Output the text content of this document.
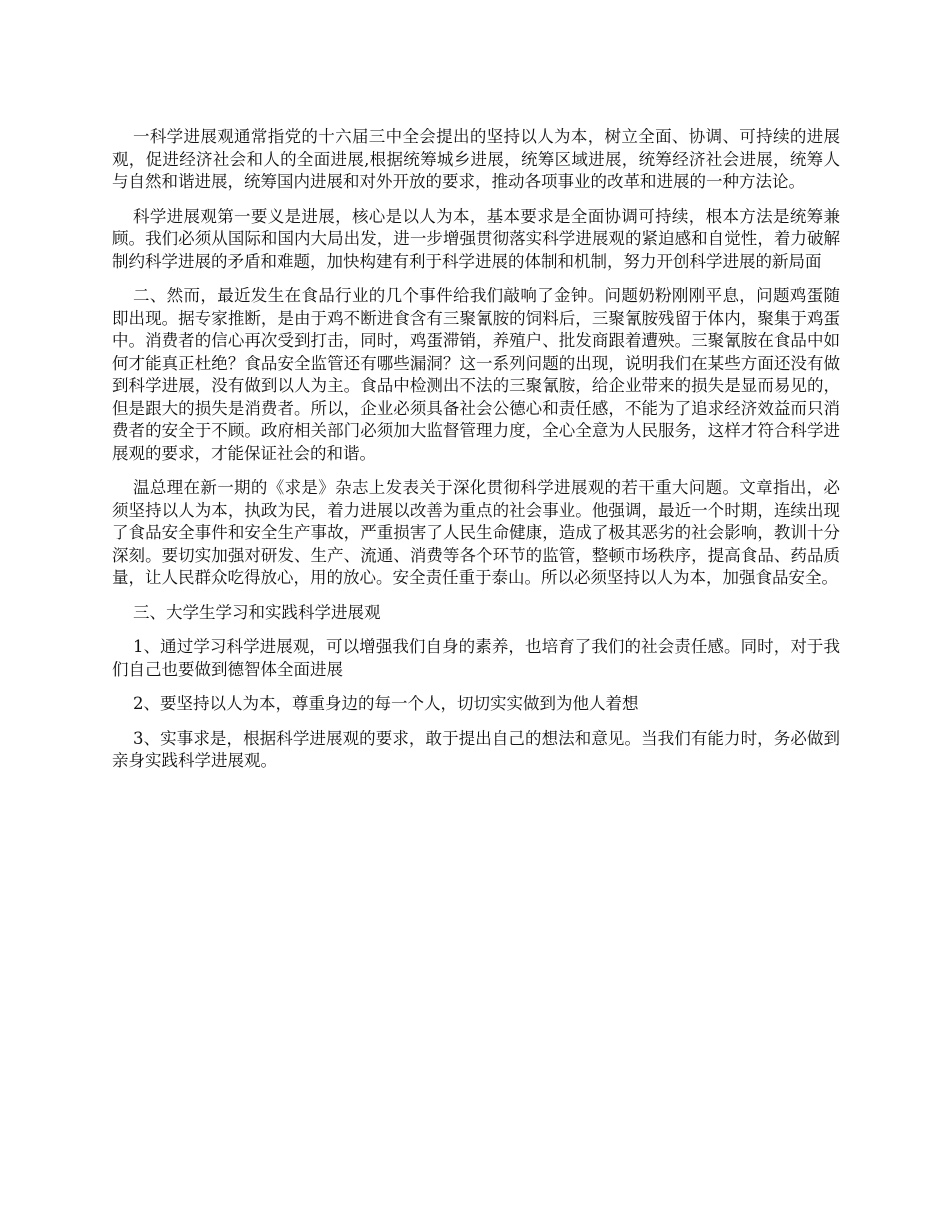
一科学进展观通常指党的十六届三中全会提出的坚持以人为本，树立全面、协调、可持续的进展观，促进经济社会和人的全面进展,根据统筹城乡进展，统筹区域进展，统筹经济社会进展，统筹人与自然和谐进展，统筹国内进展和对外开放的要求，推动各项事业的改革和进展的一种方法论。

科学进展观第一要义是进展，核心是以人为本，基本要求是全面协调可持续，根本方法是统筹兼顾。我们必须从国际和国内大局出发，进一步增强贯彻落实科学进展观的紧迫感和自觉性，着力破解制约科学进展的矛盾和难题，加快构建有利于科学进展的体制和机制，努力开创科学进展的新局面

二、然而，最近发生在食品行业的几个事件给我们敲响了金钟。问题奶粉刚刚平息，问题鸡蛋随即出现。据专家推断，是由于鸡不断进食含有三聚氰胺的饲料后，三聚氰胺残留于体内，聚集于鸡蛋中。消费者的信心再次受到打击，同时，鸡蛋滞销，养殖户、批发商跟着遭殃。三聚氰胺在食品中如何才能真正杜绝？食品安全监管还有哪些漏洞？这一系列问题的出现，说明我们在某些方面还没有做到科学进展，没有做到以人为主。食品中检测出不法的三聚氰胺，给企业带来的损失是显而易见的，但是跟大的损失是消费者。所以，企业必须具备社会公德心和责任感，不能为了追求经济效益而只消费者的安全于不顾。政府相关部门必须加大监督管理力度，全心全意为人民服务，这样才符合科学进展观的要求，才能保证社会的和谐。

温总理在新一期的《求是》杂志上发表关于深化贯彻科学进展观的若干重大问题。文章指出，必须坚持以人为本，执政为民，着力进展以改善为重点的社会事业。他强调，最近一个时期，连续出现了食品安全事件和安全生产事故，严重损害了人民生命健康，造成了极其恶劣的社会影响，教训十分深刻。要切实加强对研发、生产、流通、消费等各个环节的监管，整顿市场秩序，提高食品、药品质量，让人民群众吃得放心，用的放心。安全责任重于泰山。所以必须坚持以人为本，加强食品安全。

三、大学生学习和实践科学进展观

1、通过学习科学进展观，可以增强我们自身的素养，也培育了我们的社会责任感。同时，对于我们自己也要做到德智体全面进展

2、要坚持以人为本，尊重身边的每一个人，切切实实做到为他人着想

3、实事求是，根据科学进展观的要求，敢于提出自己的想法和意见。当我们有能力时，务必做到亲身实践科学进展观。
